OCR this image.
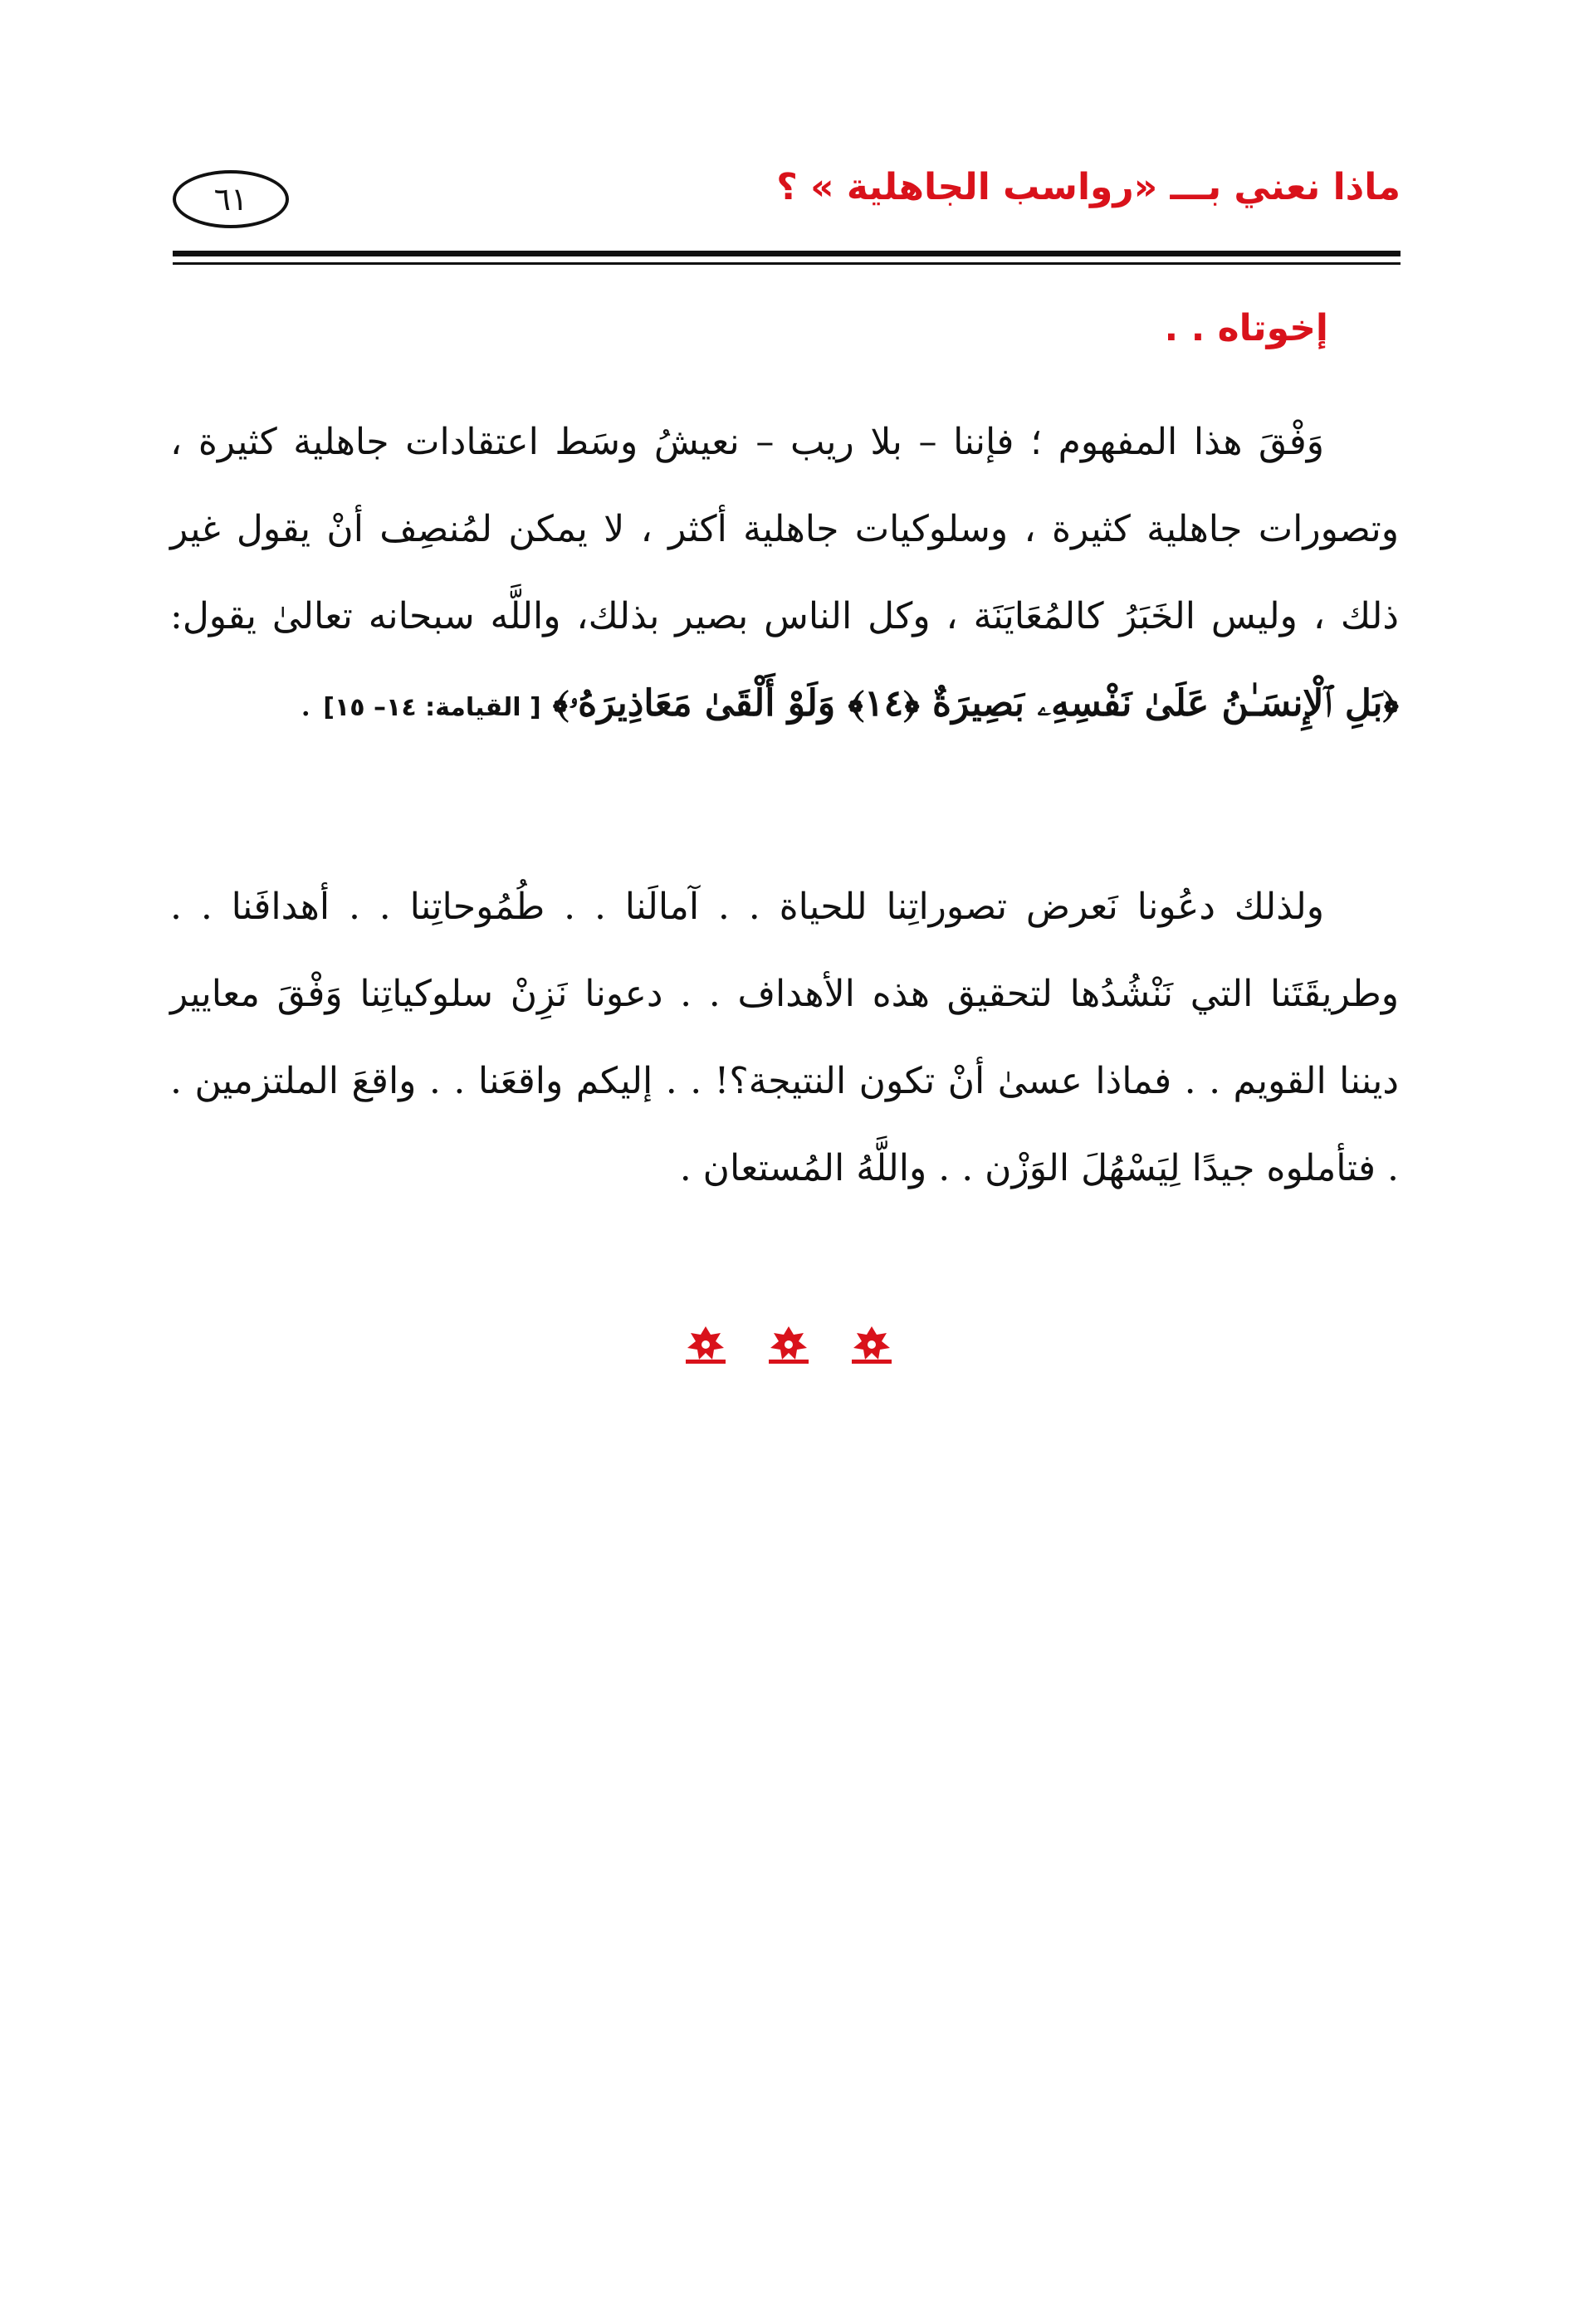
ماذا نعني بـــ «رواسب الجاهلية » ؟
٦١
إخوتاه . .
وَفْقَ هذا المفهوم ؛ فإننا – بلا ريب – نعيشُ وسَط اعتقادات جاهلية كثيرة ، وتصورات جاهلية كثيرة ، وسلوكيات جاهلية أكثر ، لا يمكن لمُنصِف أنْ يقول غير ذلك ، وليس الخَبَرُ كالمُعَايَنَة ، وكل الناس بصير بذلك، واللَّه سبحانه تعالىٰ يقول: ﴿بَلِ ٱلْإِنسَـٰنُ عَلَىٰ نَفْسِهِۦ بَصِيرَةٌ ﴿١٤﴾ وَلَوْ أَلْقَىٰ مَعَاذِيرَهُۥ﴾ [ القيامة: ١٤– ١٥] .
ولذلك دعُونا نَعرض تصوراتِنا للحياة . . آمالَنا . . طُمُوحاتِنا . . أهدافَنا . . وطريقَتَنا التي نَنْشُدُها لتحقيق هذه الأهداف . . دعونا نَزِنْ سلوكياتِنا وَفْقَ معايير ديننا القويم . . فماذا عسىٰ أنْ تكون النتيجة؟! . . إليكم واقعَنا . . واقعَ الملتزمين . . فتأملوه جيدًا لِيَسْهُلَ الوَزْن . . واللَّهُ المُستعان .
